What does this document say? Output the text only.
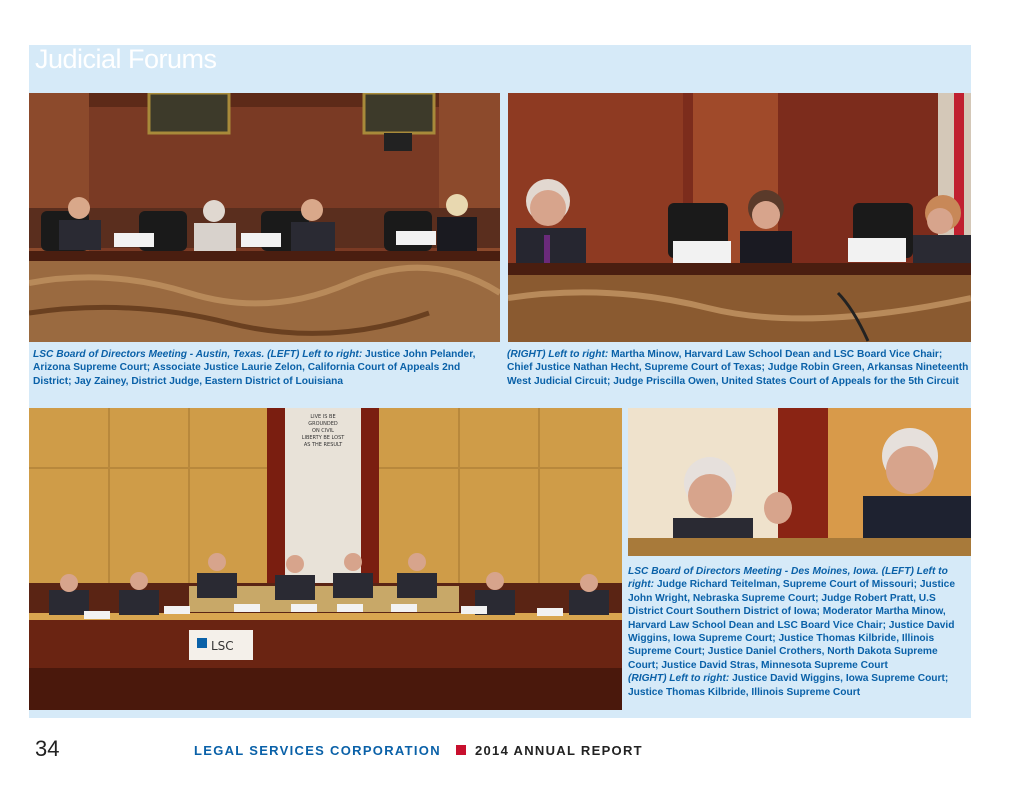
Judicial Forums
LSC Board of Directors Meeting - Austin, Texas. (LEFT) Left to right: Justice John Pelander, Arizona Supreme Court; Associate Justice Laurie Zelon, California Court of Appeals 2nd District; Jay Zainey, District Judge, Eastern District of Louisiana
(RIGHT) Left to right: Martha Minow, Harvard Law School Dean and LSC Board Vice Chair; Chief Justice Nathan Hecht, Supreme Court of Texas; Judge Robin Green, Arkansas Nineteenth West Judicial Circuit; Judge Priscilla Owen, United States Court of Appeals for the 5th Circuit
LIVE IS BE GROUNDED ON CIVIL LIBERTY BE LOST AS THE RESULT
LSC
LSC Board of Directors Meeting - Des Moines, Iowa. (LEFT) Left to right: Judge Richard Teitelman, Supreme Court of Missouri; Justice John Wright, Nebraska Supreme Court; Judge Robert Pratt, U.S District Court Southern District of Iowa; Moderator Martha Minow, Harvard Law School Dean and LSC Board Vice Chair; Justice David Wiggins, Iowa Supreme Court; Justice Thomas Kilbride, Illinois Supreme Court; Justice Daniel Crothers, North Dakota Supreme Court; Justice David Stras, Minnesota Supreme Court
(RIGHT) Left to right: Justice David Wiggins, Iowa Supreme Court; Justice Thomas Kilbride, Illinois Supreme Court
34	LEGAL SERVICES CORPORATION	2014 ANNUAL REPORT
